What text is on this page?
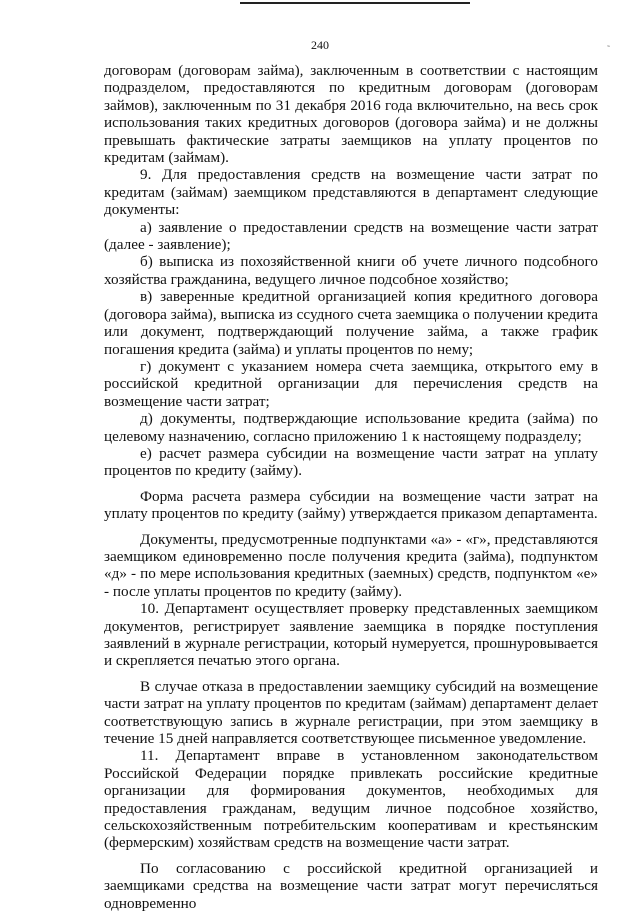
˜
240

договорам (договорам займа), заключенным в соответствии с настоящим подразделом, предоставляются по кредитным договорам (договорам займов), заключенным по 31 декабря 2016 года включительно, на весь срок использования таких кредитных договоров (договора займа) и не должны превышать фактические затраты заемщиков на уплату процентов по кредитам (займам).

9. Для предоставления средств на возмещение части затрат по кредитам (займам) заемщиком представляются в департамент следующие документы:

а) заявление о предоставлении средств на возмещение части затрат (далее - заявление);

б) выписка из похозяйственной книги об учете личного подсобного хозяйства гражданина, ведущего личное подсобное хозяйство;

в) заверенные кредитной организацией копия кредитного договора (договора займа), выписка из ссудного счета заемщика о получении кредита или документ, подтверждающий получение займа, а также график погашения кредита (займа) и уплаты процентов по нему;

г) документ с указанием номера счета заемщика, открытого ему в российской кредитной организации для перечисления средств на возмещение части затрат;

д) документы, подтверждающие использование кредита (займа) по целевому назначению, согласно приложению 1 к настоящему подразделу;

е) расчет размера субсидии на возмещение части затрат на уплату процентов по кредиту (займу).

Форма расчета размера субсидии на возмещение части затрат на уплату процентов по кредиту (займу) утверждается приказом департамента.

Документы, предусмотренные подпунктами «а» - «г», представляются заемщиком единовременно после получения кредита (займа), подпунктом «д» - по мере использования кредитных (заемных) средств, подпунктом «е» - после уплаты процентов по кредиту (займу).

10. Департамент осуществляет проверку представленных заемщиком документов, регистрирует заявление заемщика в порядке поступления заявлений в журнале регистрации, который нумеруется, прошнуровывается и скрепляется печатью этого органа.

В случае отказа в предоставлении заемщику субсидий на возмещение части затрат на уплату процентов по кредитам (займам) департамент делает соответствующую запись в журнале регистрации, при этом заемщику в течение 15 дней направляется соответствующее письменное уведомление.

11. Департамент вправе в установленном законодательством Российской Федерации порядке привлекать российские кредитные организации для формирования документов, необходимых для предоставления гражданам, ведущим личное подсобное хозяйство, сельскохозяйственным потребительским кооперативам и крестьянским (фермерским) хозяйствам средств на возмещение части затрат.

По согласованию с российской кредитной организацией и заемщиками средства на возмещение части затрат могут перечисляться одновременно
